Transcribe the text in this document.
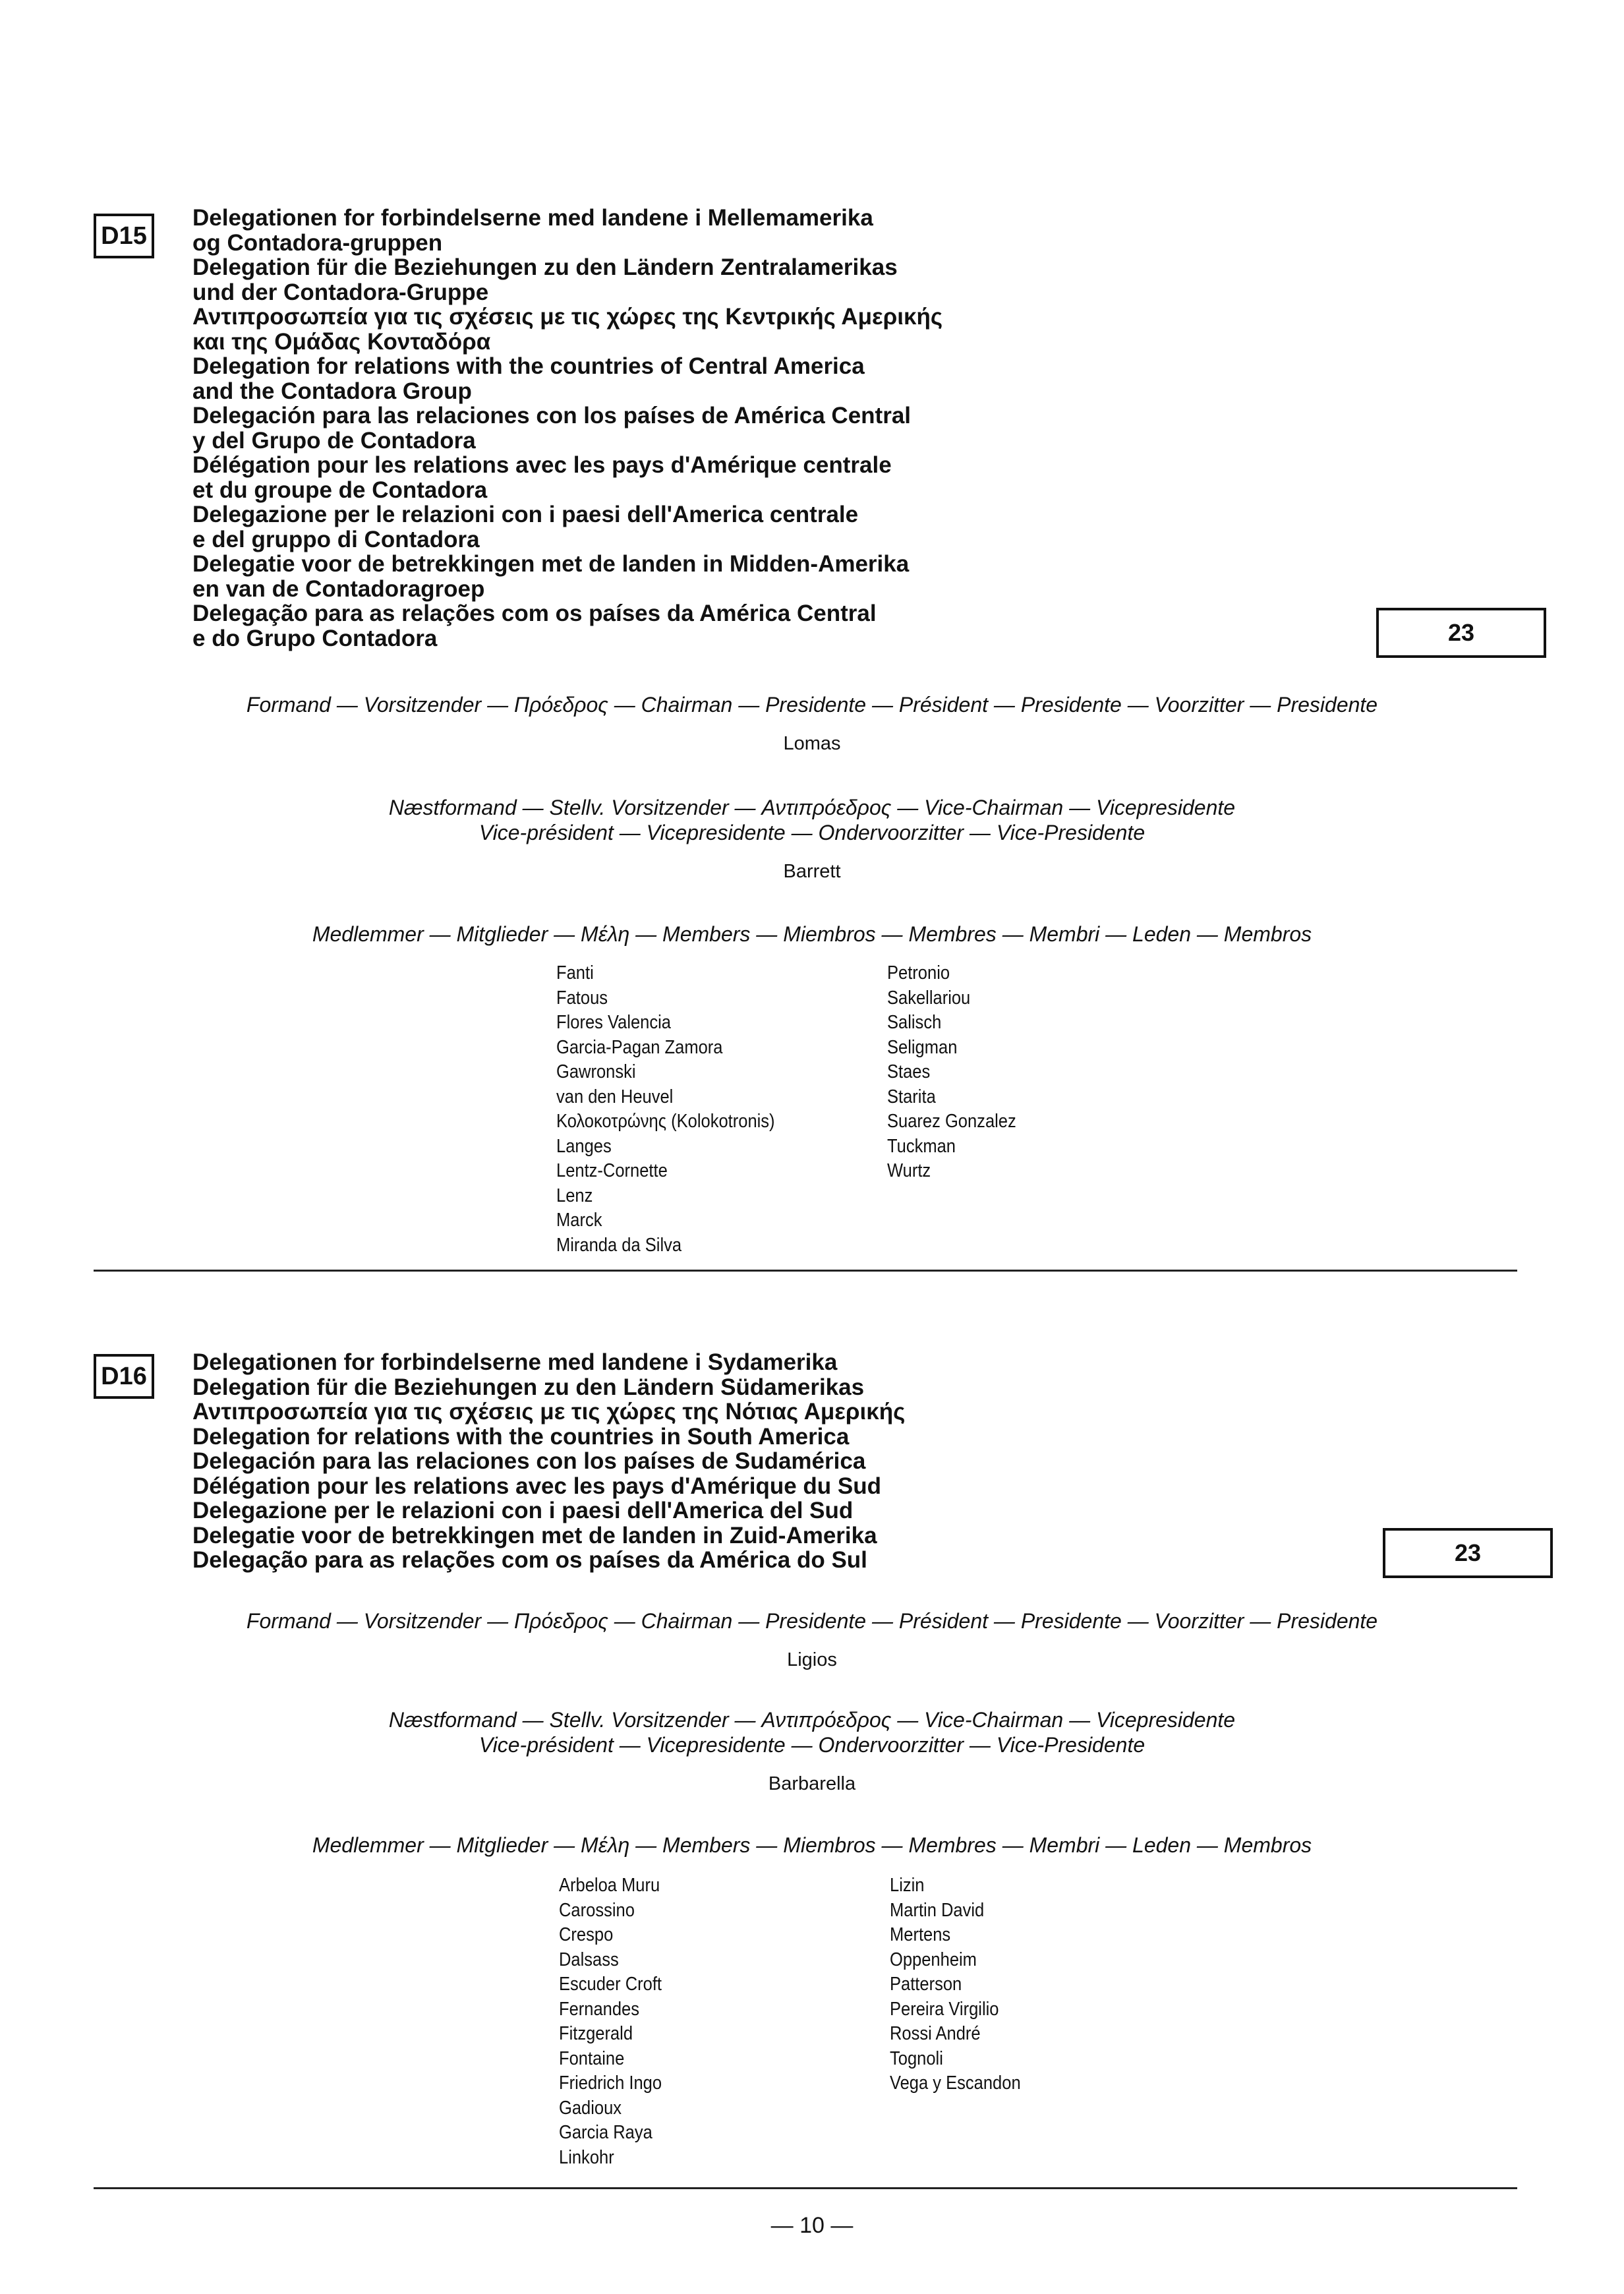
D15
Delegationen for forbindelserne med landene i Mellemamerika
og Contadora-gruppen
Delegation für die Beziehungen zu den Ländern Zentralamerikas
und der Contadora-Gruppe
Αντιπροσωπεία για τις σχέσεις με τις χώρες της Κεντρικής Αμερικής
και της Ομάδας Κονταδόρα
Delegation for relations with the countries of Central America
and the Contadora Group
Delegación para las relaciones con los países de América Central
y del Grupo de Contadora
Délégation pour les relations avec les pays d'Amérique centrale
et du groupe de Contadora
Delegazione per le relazioni con i paesi dell'America centrale
e del gruppo di Contadora
Delegatie voor de betrekkingen met de landen in Midden-Amerika
en van de Contadoragroep
Delegação para as relações com os países da América Central
e do Grupo Contadora	23
Formand — Vorsitzender — Πρόεδρος — Chairman — Presidente — Président — Presidente — Voorzitter — Presidente
Lomas
Næstformand — Stellv. Vorsitzender — Αντιπρόεδρος — Vice-Chairman — Vicepresidente
Vice-président — Vicepresidente — Ondervoorzitter — Vice-Presidente
Barrett
Medlemmer — Mitglieder — Μέλη — Members — Miembros — Membres — Membri — Leden — Membros
Fanti
Fatous
Flores Valencia
Garcia-Pagan Zamora
Gawronski
van den Heuvel
Κολοκοτρώνης (Kolokotronis)
Langes
Lentz-Cornette
Lenz
Marck
Miranda da Silva
Petronio
Sakellariou
Salisch
Seligman
Staes
Starita
Suarez Gonzalez
Tuckman
Wurtz
D16
Delegationen for forbindelserne med landene i Sydamerika
Delegation für die Beziehungen zu den Ländern Südamerikas
Αντιπροσωπεία για τις σχέσεις με τις χώρες της Νότιας Αμερικής
Delegation for relations with the countries in South America
Delegación para las relaciones con los países de Sudamérica
Délégation pour les relations avec les pays d'Amérique du Sud
Delegazione per le relazioni con i paesi dell'America del Sud
Delegatie voor de betrekkingen met de landen in Zuid-Amerika
Delegação para as relações com os países da América do Sul	23
Formand — Vorsitzender — Πρόεδρος — Chairman — Presidente — Président — Presidente — Voorzitter — Presidente
Ligios
Næstformand — Stellv. Vorsitzender — Αντιπρόεδρος — Vice-Chairman — Vicepresidente
Vice-président — Vicepresidente — Ondervoorzitter — Vice-Presidente
Barbarella
Medlemmer — Mitglieder — Μέλη — Members — Miembros — Membres — Membri — Leden — Membros
Arbeloa Muru
Carossino
Crespo
Dalsass
Escuder Croft
Fernandes
Fitzgerald
Fontaine
Friedrich Ingo
Gadioux
Garcia Raya
Linkohr
Lizin
Martin David
Mertens
Oppenheim
Patterson
Pereira Virgilio
Rossi André
Tognoli
Vega y Escandon
— 10 —
